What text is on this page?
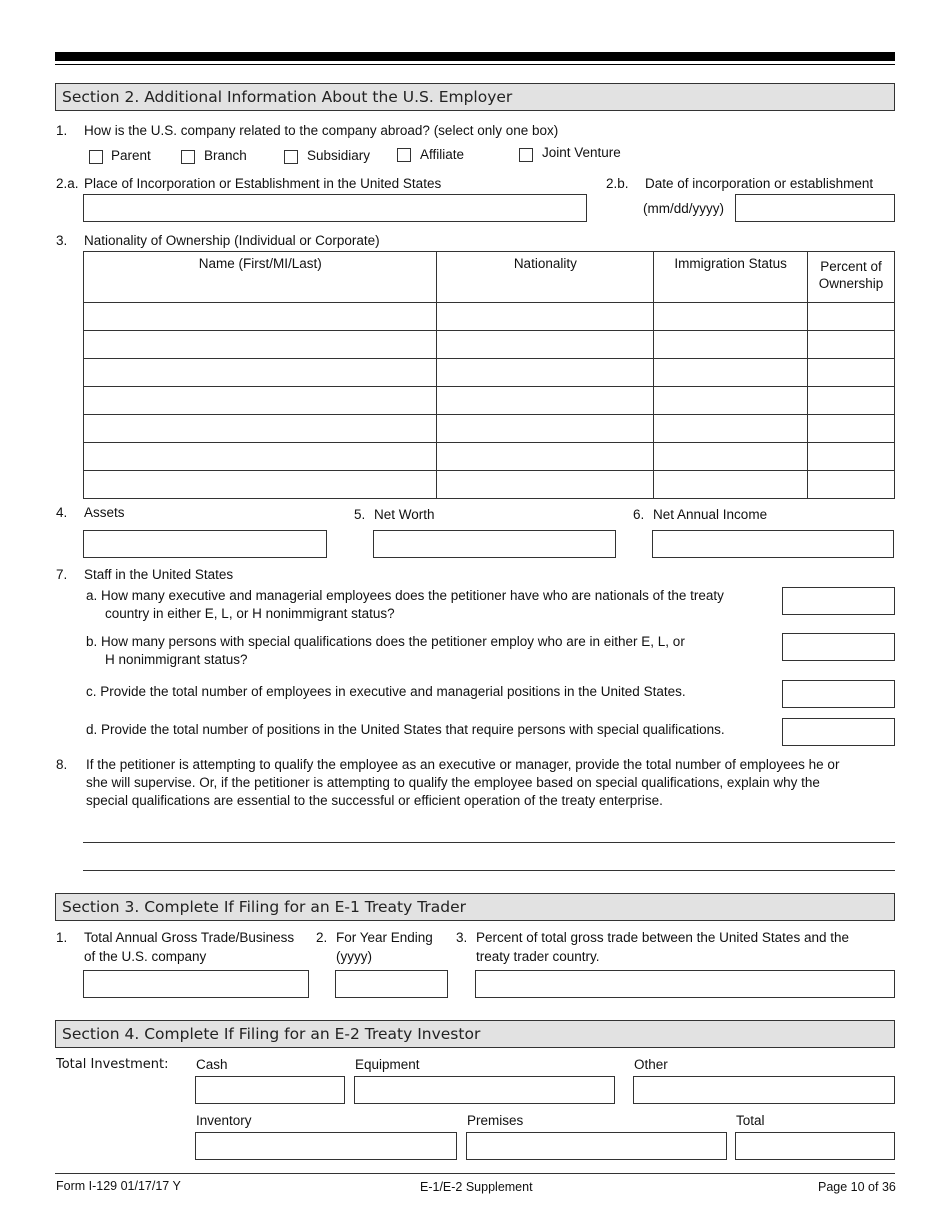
Section 2. Additional Information About the U.S. Employer
1. How is the U.S. company related to the company abroad? (select only one box)
Parent	Branch	Subsidiary	Affiliate	Joint Venture
2.a. Place of Incorporation or Establishment in the United States	2.b. Date of incorporation or establishment
(mm/dd/yyyy)
3. Nationality of Ownership (Individual or Corporate)
Name (First/MI/Last)	Nationality	Immigration Status	Percent of Ownership

4. Assets	5. Net Worth	6. Net Annual Income
7. Staff in the United States
a. How many executive and managerial employees does the petitioner have who are nationals of the treaty
country in either E, L, or H nonimmigrant status?
b. How many persons with special qualifications does the petitioner employ who are in either E, L, or
H nonimmigrant status?
c. Provide the total number of employees in executive and managerial positions in the United States.
d. Provide the total number of positions in the United States that require persons with special qualifications.
8. If the petitioner is attempting to qualify the employee as an executive or manager, provide the total number of employees he or
she will supervise. Or, if the petitioner is attempting to qualify the employee based on special qualifications, explain why the
special qualifications are essential to the successful or efficient operation of the treaty enterprise.
Section 3. Complete If Filing for an E-1 Treaty Trader
1. Total Annual Gross Trade/Business
of the U.S. company
2. For Year Ending
(yyyy)
3. Percent of total gross trade between the United States and the
treaty trader country.
Section 4. Complete If Filing for an E-2 Treaty Investor
Total Investment: Cash	Equipment	Other
Inventory	Premises	Total
Form I-129 01/17/17 Y	E-1/E-2 Supplement	Page 10 of 36
